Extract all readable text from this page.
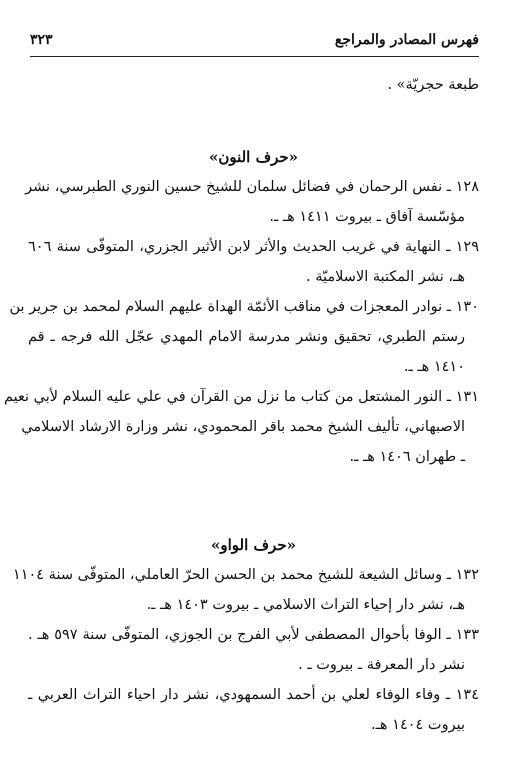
فهرس المصادر والمراجع
٣٢٣
طبعة حجريّة» .
«حرف النون»
١٢٨ ـ نفس الرحمان في فضائل سلمان للشيخ حسين النوري الطبرسي، نشر
مؤسّسة آفاق ـ بيروت ١٤١١ هـ ـ.
١٢٩ ـ النهاية في غريب الحديث والأثر لابن الأثير الجزري، المتوفّى سنة ٦٠٦
هـ، نشر المكتبة الاسلاميّة .
١٣٠ ـ نوادر المعجزات في مناقب الأئمّة الهداة عليهم السلام لمحمد بن جرير بن
رستم الطبري، تحقيق ونشر مدرسة الامام المهدي عجّل الله فرجه ـ قم
١٤١٠ هـ ـ.
١٣١ ـ النور المشتعل من كتاب ما نزل من القرآن في علي عليه السلام لأبي نعيم
الاصبهاني، تأليف الشيخ محمد باقر المحمودي، نشر وزارة الارشاد الاسلامي
ـ طهران ١٤٠٦ هـ ـ.
«حرف الواو»
١٣٢ ـ وسائل الشيعة للشيخ محمد بن الحسن الحرّ العاملي، المتوفّى سنة ١١٠٤
هـ، نشر دار إحياء التراث الاسلامي ـ بيروت ١٤٠٣ هـ ـ.
١٣٣ ـ الوفا بأحوال المصطفى لأبي الفرج بن الجوزي، المتوفّى سنة ٥٩٧ هـ .
نشر دار المعرفة ـ بيروت ـ .
١٣٤ ـ وفاء الوفاء لعلي بن أحمد السمهودي، نشر دار احياء التراث العربي ـ
بيروت ١٤٠٤ هـ.
